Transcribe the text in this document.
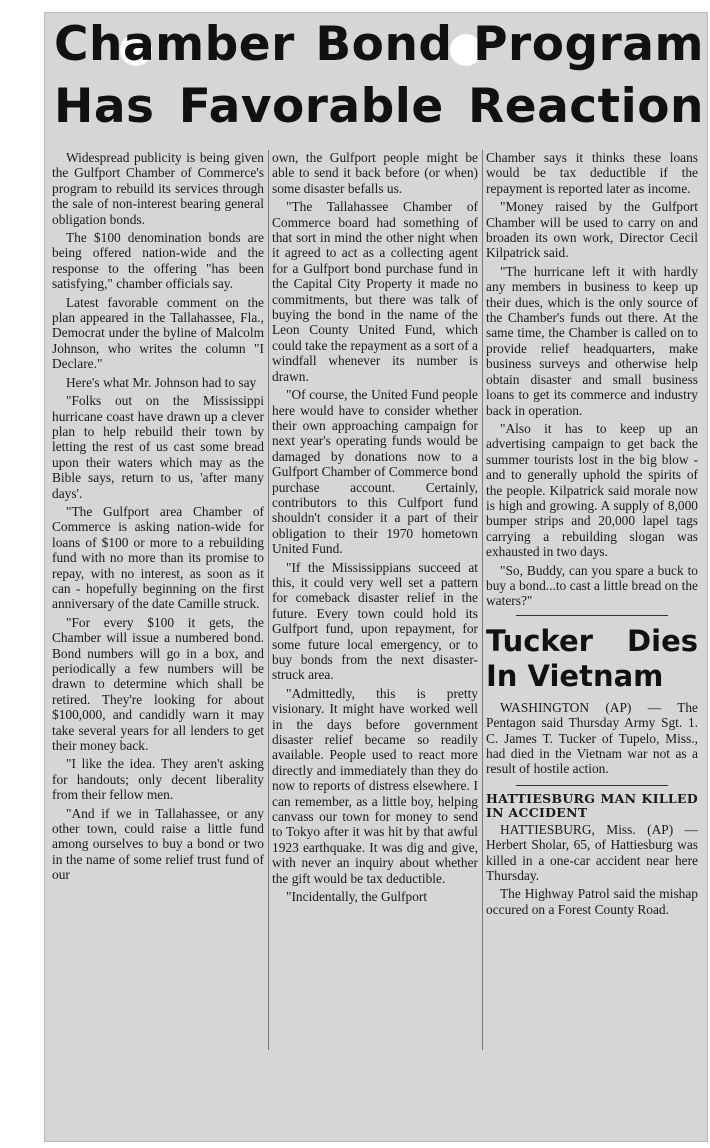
Chamber Bond Program Has Favorable Reaction

Widespread publicity is being given the Gulfport Chamber of Commerce's program to rebuild its services through the sale of non-interest bearing general obligation bonds.

The $100 denomination bonds are being offered nation-wide and the response to the offering "has been satisfying," chamber officials say.

Latest favorable comment on the plan appeared in the Tallahassee, Fla., Democrat under the byline of Malcolm Johnson, who writes the column "I Declare."

Here's what Mr. Johnson had to say

"Folks out on the Mississippi hurricane coast have drawn up a clever plan to help rebuild their town by letting the rest of us cast some bread upon their waters which may as the Bible says, return to us, 'after many days'.

"The Gulfport area Chamber of Commerce is asking nation-wide for loans of $100 or more to a rebuilding fund with no more than its promise to repay, with no interest, as soon as it can - hopefully beginning on the first anniversary of the date Camille struck.

"For every $100 it gets, the Chamber will issue a numbered bond. Bond numbers will go in a box, and periodically a few numbers will be drawn to determine which shall be retired. They're looking for about $100,000, and candidly warn it may take several years for all lenders to get their money back.

"I like the idea. They aren't asking for handouts; only decent liberality from their fellow men.

"And if we in Tallahassee, or any other town, could raise a little fund among ourselves to buy a bond or two in the name of some relief trust fund of our

own, the Gulfport people might be able to send it back before (or when) some disaster befalls us.

"The Tallahassee Chamber of Commerce board had something of that sort in mind the other night when it agreed to act as a collecting agent for a Gulfport bond purchase fund in the Capital City Property it made no commitments, but there was talk of buying the bond in the name of the Leon County United Fund, which could take the repayment as a sort of a windfall whenever its number is drawn.

"Of course, the United Fund people here would have to consider whether their own approaching campaign for next year's operating funds would be damaged by donations now to a Gulfport Chamber of Commerce bond purchase account. Certainly, contributors to this Culfport fund shouldn't consider it a part of their obligation to their 1970 hometown United Fund.

"If the Mississippians succeed at this, it could very well set a pattern for comeback disaster relief in the future. Every town could hold its Gulfport fund, upon repayment, for some future local emergency, or to buy bonds from the next disaster-struck area.

"Admittedly, this is pretty visionary. It might have worked well in the days before government disaster relief became so readily available. People used to react more directly and immediately than they do now to reports of distress elsewhere. I can remember, as a little boy, helping canvass our town for money to send to Tokyo after it was hit by that awful 1923 earthquake. It was dig and give, with never an inquiry about whether the gift would be tax deductible.

"Incidentally, the Gulfport

Chamber says it thinks these loans would be tax deductible if the repayment is reported later as income.

"Money raised by the Gulfport Chamber will be used to carry on and broaden its own work, Director Cecil Kilpatrick said.

"The hurricane left it with hardly any members in business to keep up their dues, which is the only source of the Chamber's funds out there. At the same time, the Chamber is called on to provide relief headquarters, make business surveys and otherwise help obtain disaster and small business loans to get its commerce and industry back in operation.

"Also it has to keep up an advertising campaign to get back the summer tourists lost in the big blow - and to generally uphold the spirits of the people. Kilpatrick said morale now is high and growing. A supply of 8,000 bumper strips and 20,000 lapel tags carrying a rebuilding slogan was exhausted in two days.

"So, Buddy, can you spare a buck to buy a bond...to cast a little bread on the waters?"

Tucker Dies In Vietnam

WASHINGTON (AP) — The Pentagon said Thursday Army Sgt. 1. C. James T. Tucker of Tupelo, Miss., had died in the Vietnam war not as a result of hostile action.

HATTIESBURG MAN KILLED IN ACCIDENT

HATTIESBURG, Miss. (AP) — Herbert Sholar, 65, of Hattiesburg was killed in a one-car accident near here Thursday.

The Highway Patrol said the mishap occured on a Forest County Road.
